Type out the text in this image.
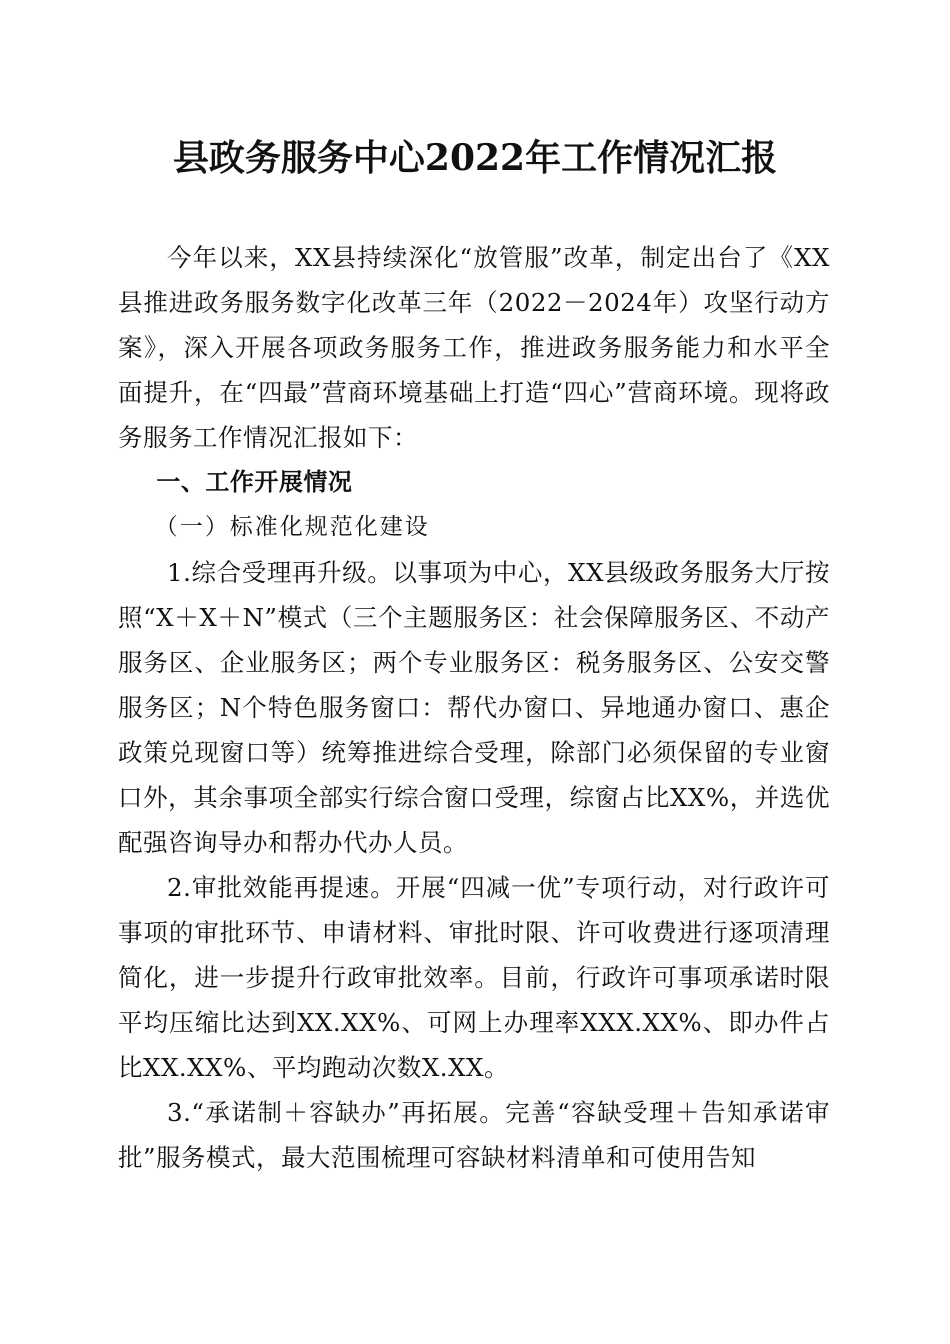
县政务服务中心2022年工作情况汇报

今年以来，XX县持续深化“放管服”改革，制定出台了《XX县推进政务服务数字化改革三年（2022－2024年）攻坚行动方案》，深入开展各项政务服务工作，推进政务服务能力和水平全面提升，在“四最”营商环境基础上打造“四心”营商环境。现将政务服务工作情况汇报如下：

一、工作开展情况

（一）标准化规范化建设

1.综合受理再升级。以事项为中心，XX县级政务服务大厅按照“X＋X＋N”模式（三个主题服务区：社会保障服务区、不动产服务区、企业服务区；两个专业服务区：税务服务区、公安交警服务区；N个特色服务窗口：帮代办窗口、异地通办窗口、惠企政策兑现窗口等）统筹推进综合受理，除部门必须保留的专业窗口外，其余事项全部实行综合窗口受理，综窗占比XX%，并选优配强咨询导办和帮办代办人员。

2.审批效能再提速。开展“四减一优”专项行动，对行政许可事项的审批环节、申请材料、审批时限、许可收费进行逐项清理简化，进一步提升行政审批效率。目前，行政许可事项承诺时限平均压缩比达到XX.XX%、可网上办理率XXX.XX%、即办件占比XX.XX%、平均跑动次数X.XX。

3.“承诺制＋容缺办”再拓展。完善“容缺受理＋告知承诺审批”服务模式，最大范围梳理可容缺材料清单和可使用告知
